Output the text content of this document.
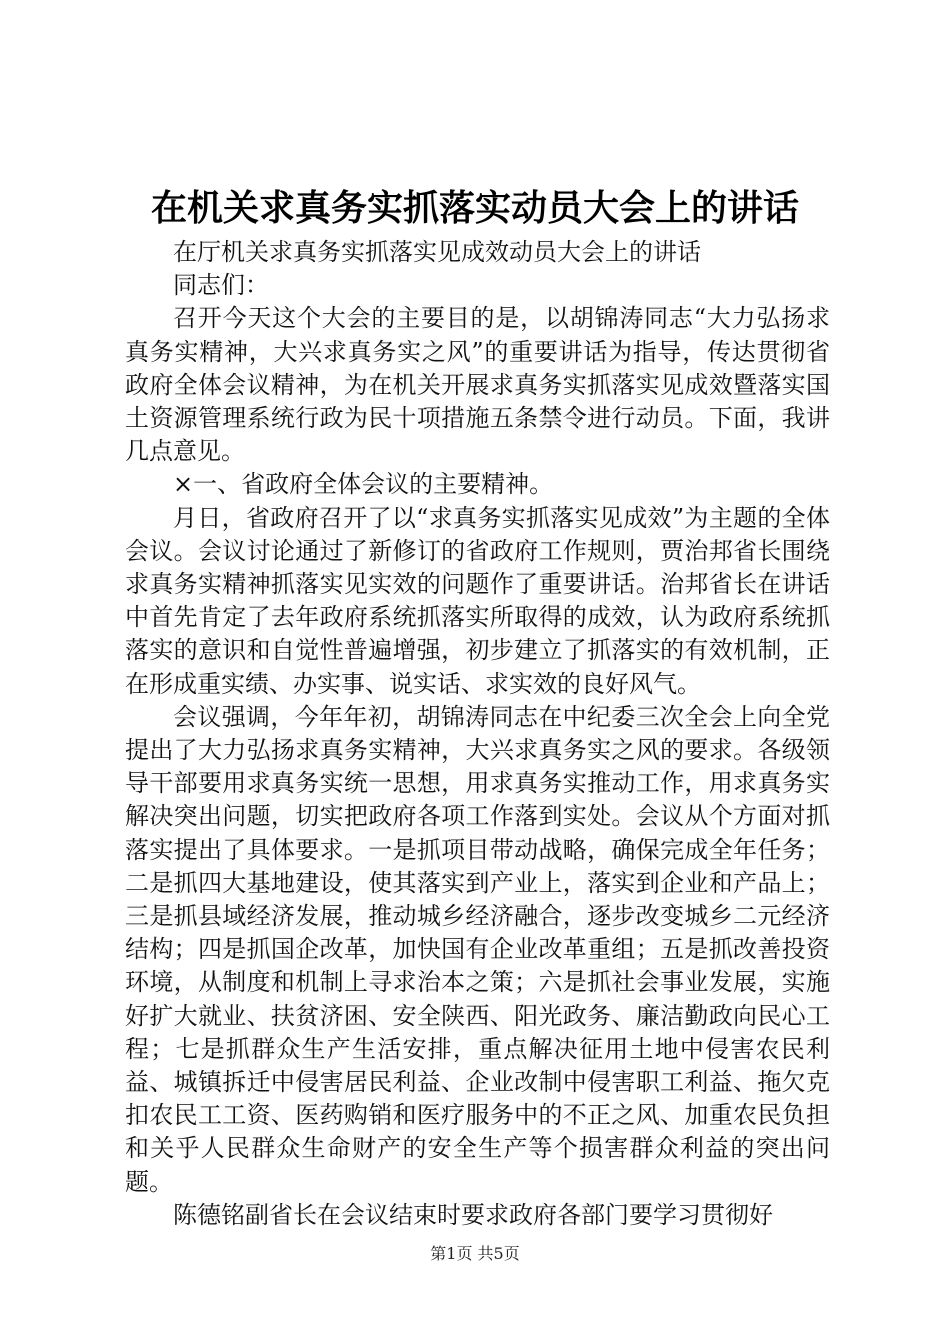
在机关求真务实抓落实动员大会上的讲话

在厅机关求真务实抓落实见成效动员大会上的讲话

同志们：

召开今天这个大会的主要目的是，以胡锦涛同志“大力弘扬求真务实精神，大兴求真务实之风”的重要讲话为指导，传达贯彻省政府全体会议精神，为在机关开展求真务实抓落实见成效暨落实国土资源管理系统行政为民十项措施五条禁令进行动员。下面，我讲几点意见。

×一、省政府全体会议的主要精神。

月日，省政府召开了以“求真务实抓落实见成效”为主题的全体会议。会议讨论通过了新修订的省政府工作规则，贾治邦省长围绕求真务实精神抓落实见实效的问题作了重要讲话。治邦省长在讲话中首先肯定了去年政府系统抓落实所取得的成效，认为政府系统抓落实的意识和自觉性普遍增强，初步建立了抓落实的有效机制，正在形成重实绩、办实事、说实话、求实效的良好风气。

会议强调，今年年初，胡锦涛同志在中纪委三次全会上向全党提出了大力弘扬求真务实精神，大兴求真务实之风的要求。各级领导干部要用求真务实统一思想，用求真务实推动工作，用求真务实解决突出问题，切实把政府各项工作落到实处。会议从个方面对抓落实提出了具体要求。一是抓项目带动战略，确保完成全年任务；二是抓四大基地建设，使其落实到产业上，落实到企业和产品上；三是抓县域经济发展，推动城乡经济融合，逐步改变城乡二元经济结构；四是抓国企改革，加快国有企业改革重组；五是抓改善投资环境，从制度和机制上寻求治本之策；六是抓社会事业发展，实施好扩大就业、扶贫济困、安全陕西、阳光政务、廉洁勤政向民心工程；七是抓群众生产生活安排，重点解决征用土地中侵害农民利益、城镇拆迁中侵害居民利益、企业改制中侵害职工利益、拖欠克扣农民工工资、医药购销和医疗服务中的不正之风、加重农民负担和关乎人民群众生命财产的安全生产等个损害群众利益的突出问题。

陈德铭副省长在会议结束时要求政府各部门要学习贯彻好

第1页 共5页
